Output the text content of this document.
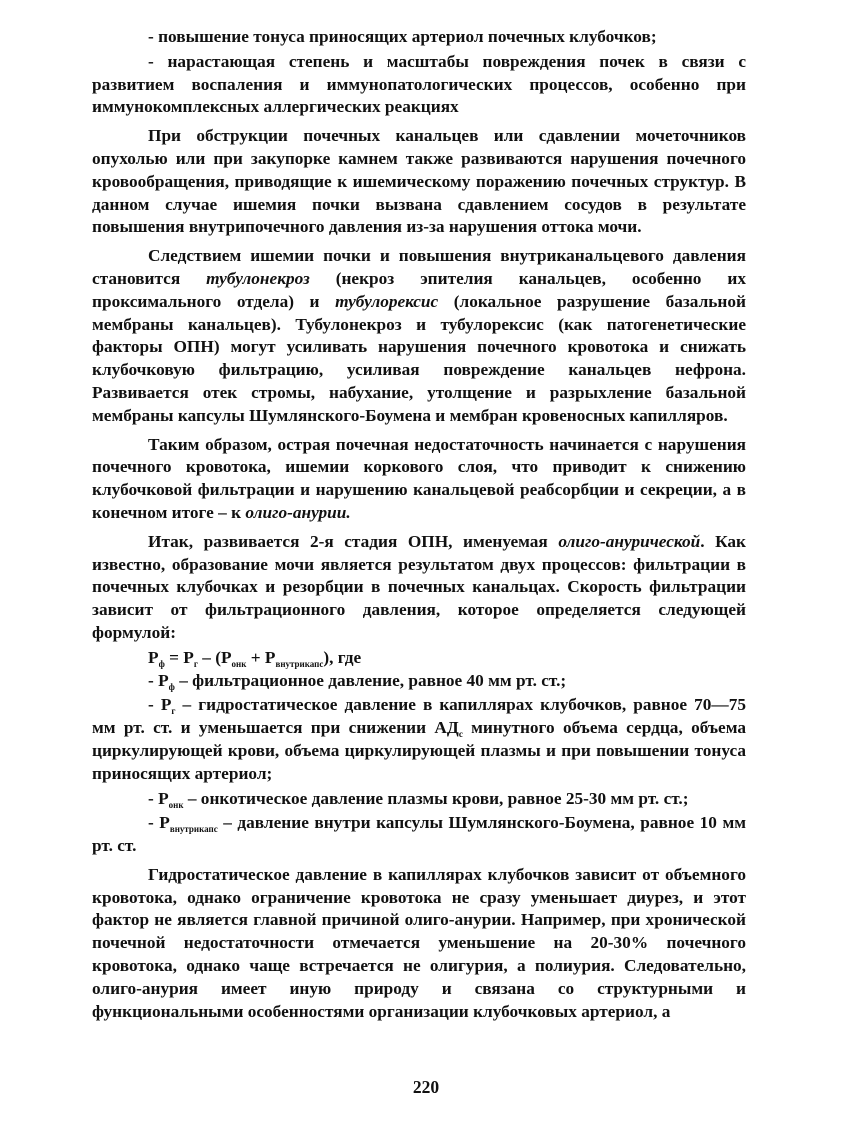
- повышение тонуса приносящих артериол почечных клубочков;

- нарастающая степень и масштабы повреждения почек в связи с развитием воспаления и иммунопатологических процессов, особенно при иммунокомплексных аллергических реакциях

При обструкции почечных канальцев или сдавлении мочеточников опухолью или при закупорке камнем также развиваются нарушения почечного кровообращения, приводящие к ишемическому поражению почечных структур. В данном случае ишемия почки вызвана сдавлением сосудов в результате повышения внутрипочечного давления из-за нарушения оттока мочи.

Следствием ишемии почки и повышения внутриканальцевого давления становится тубулонекроз (некроз эпителия канальцев, особенно их проксимального отдела) и тубулорексис (локальное разрушение базальной мембраны канальцев). Тубулонекроз и тубулорексис (как патогенетические факторы ОПН) могут усиливать нарушения почечного кровотока и снижать клубочковую фильтрацию, усиливая повреждение канальцев нефрона. Развивается отек стромы, набухание, утолщение и разрыхление базальной мембраны капсулы Шумлянского-Боумена и мембран кровеносных капилляров.

Таким образом, острая почечная недостаточность начинается с нарушения почечного кровотока, ишемии коркового слоя, что приводит к снижению клубочковой фильтрации и нарушению канальцевой реабсорбции и секреции, а в конечном итоге – к олиго-анурии.

Итак, развивается 2-я стадия ОПН, именуемая олиго-анурической. Как известно, образование мочи является результатом двух процессов: фильтрации в почечных клубочках и резорбции в почечных канальцах. Скорость фильтрации зависит от фильтрационного давления, которое определяется следующей формулой:

$P_ф = P_г - (P_{онк} + P_{внутрикапс})$, где

- $P_ф$ – фильтрационное давление, равное 40 мм рт. ст.;

- $P_г$ – гидростатическое давление в капиллярах клубочков, равное 70—75 мм рт. ст. и уменьшается при снижении $АД_с$ минутного объема сердца, объема циркулирующей крови, объема циркулирующей плазмы и при повышении тонуса приносящих артериол;

- $P_{онк}$ – онкотическое давление плазмы крови, равное 25-30 мм рт. ст.;

- $P_{внутрикапс}$ – давление внутри капсулы Шумлянского-Боумена, равное 10 мм рт. ст.

Гидростатическое давление в капиллярах клубочков зависит от объемного кровотока, однако ограничение кровотока не сразу уменьшает диурез, и этот фактор не является главной причиной олиго-анурии. Например, при хронической почечной недостаточности отмечается уменьшение на 20-30% почечного кровотока, однако чаще встречается не олигурия, а полиурия. Следовательно, олиго-анурия имеет иную природу и связана со структурными и функциональными особенностями организации клубочковых артериол, а

220
